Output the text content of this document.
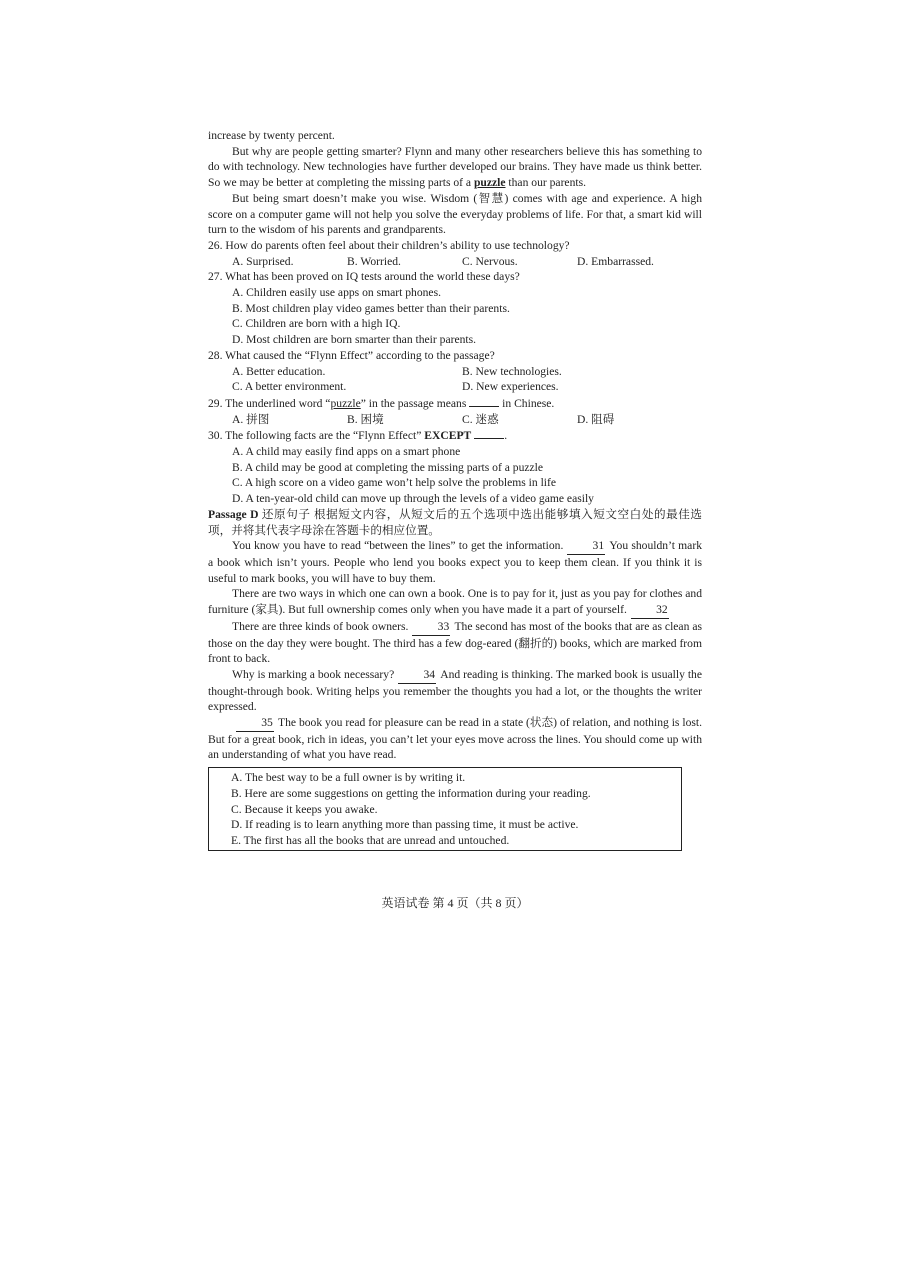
increase by twenty percent.

But why are people getting smarter? Flynn and many other researchers believe this has something to do with technology. New technologies have further developed our brains. They have made us think better. So we may be better at completing the missing parts of a puzzle than our parents.

But being smart doesn’t make you wise. Wisdom (智慧) comes with age and experience. A high score on a computer game will not help you solve the everyday problems of life. For that, a smart kid will turn to the wisdom of his parents and grandparents.

26. How do parents often feel about their children’s ability to use technology?

A. Surprised.	B. Worried.	C. Nervous.	D. Embarrassed.

27. What has been proved on IQ tests around the world these days?

A. Children easily use apps on smart phones.

B. Most children play video games better than their parents.

C. Children are born with a high IQ.

D. Most children are born smarter than their parents.

28. What caused the “Flynn Effect” according to the passage?

A. Better education.	B. New technologies.
C. A better environment.	D. New experiences.

29. The underlined word “puzzle” in the passage means	in Chinese.

A. 拼图	B. 困境	C. 迷惑	D. 阻碍

30. The following facts are the “Flynn Effect” EXCEPT	.

A. A child may easily find apps on a smart phone

B. A child may be good at completing the missing parts of a puzzle

C. A high score on a video game won’t help solve the problems in life

D. A ten-year-old child can move up through the levels of a video game easily

Passage D 还原句子 根据短文内容，从短文后的五个选项中选出能够填入短文空白处的最佳选项，并将其代表字母涂在答题卡的相应位置。

You know you have to read “between the lines” to get the information.	31 You shouldn’t mark a book which isn’t yours. People who lend you books expect you to keep them clean. If you think it is useful to mark books, you will have to buy them.

There are two ways in which one can own a book. One is to pay for it, just as you pay for clothes and furniture (家具). But full ownership comes only when you have made it a part of yourself.	32

There are three kinds of book owners.	33 The second has most of the books that are as clean as those on the day they were bought. The third has a few dog-eared (翻折的) books, which are marked from front to back.

Why is marking a book necessary?	34 And reading is thinking. The marked book is usually the thought-through book. Writing helps you remember the thoughts you had a lot, or the thoughts the writer expressed.

35 The book you read for pleasure can be read in a state (状态) of relation, and nothing is lost. But for a great book, rich in ideas, you can’t let your eyes move across the lines. You should come up with an understanding of what you have read.

A. The best way to be a full owner is by writing it.

B. Here are some suggestions on getting the information during your reading.

C. Because it keeps you awake.

D. If reading is to learn anything more than passing time, it must be active.

E. The first has all the books that are unread and untouched.

英语试卷 第 4 页（共 8 页）
